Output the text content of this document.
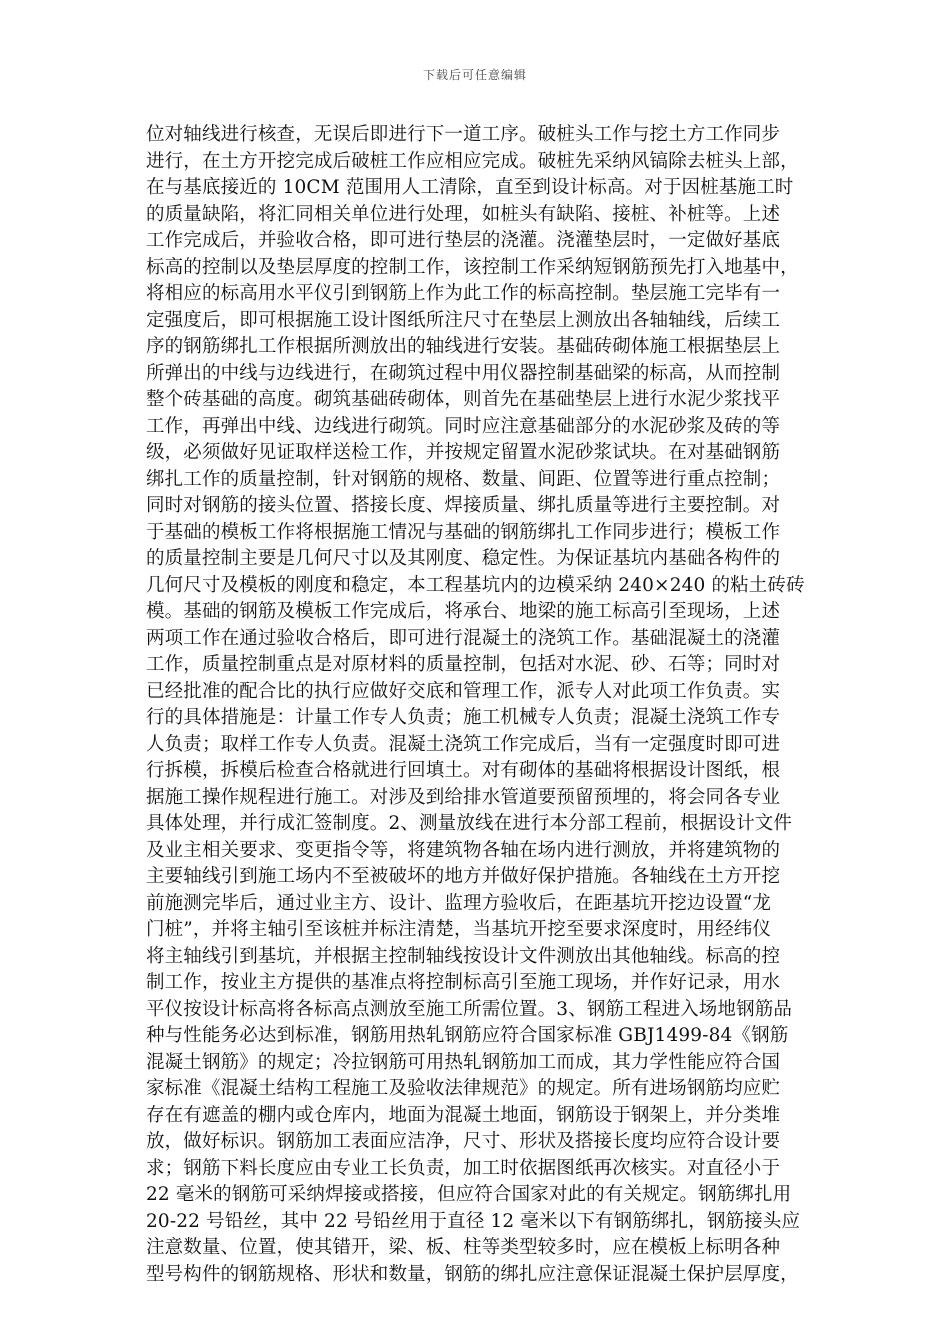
下载后可任意编辑
位对轴线进行核查，无误后即进行下一道工序。破桩头工作与挖土方工作同步
进行，在土方开挖完成后破桩工作应相应完成。破桩先采纳风镐除去桩头上部，
在与基底接近的 10CM 范围用人工清除，直至到设计标高。对于因桩基施工时
的质量缺陷，将汇同相关单位进行处理，如桩头有缺陷、接桩、补桩等。上述
工作完成后，并验收合格，即可进行垫层的浇灌。浇灌垫层时，一定做好基底
标高的控制以及垫层厚度的控制工作，该控制工作采纳短钢筋预先打入地基中，
将相应的标高用水平仪引到钢筋上作为此工作的标高控制。垫层施工完毕有一
定强度后，即可根据施工设计图纸所注尺寸在垫层上测放出各轴轴线，后续工
序的钢筋绑扎工作根据所测放出的轴线进行安装。基础砖砌体施工根据垫层上
所弹出的中线与边线进行，在砌筑过程中用仪器控制基础梁的标高，从而控制
整个砖基础的高度。砌筑基础砖砌体，则首先在基础垫层上进行水泥少浆找平
工作，再弹出中线、边线进行砌筑。同时应注意基础部分的水泥砂浆及砖的等
级，必须做好见证取样送检工作，并按规定留置水泥砂浆试块。在对基础钢筋
绑扎工作的质量控制，针对钢筋的规格、数量、间距、位置等进行重点控制；
同时对钢筋的接头位置、搭接长度、焊接质量、绑扎质量等进行主要控制。对
于基础的模板工作将根据施工情况与基础的钢筋绑扎工作同步进行；模板工作
的质量控制主要是几何尺寸以及其刚度、稳定性。为保证基坑内基础各构件的
几何尺寸及模板的刚度和稳定，本工程基坑内的边模采纳 240×240 的粘土砖砖
模。基础的钢筋及模板工作完成后，将承台、地梁的施工标高引至现场，上述
两项工作在通过验收合格后，即可进行混凝土的浇筑工作。基础混凝土的浇灌
工作，质量控制重点是对原材料的质量控制，包括对水泥、砂、石等；同时对
已经批准的配合比的执行应做好交底和管理工作，派专人对此项工作负责。实
行的具体措施是：计量工作专人负责；施工机械专人负责；混凝土浇筑工作专
人负责；取样工作专人负责。混凝土浇筑工作完成后，当有一定强度时即可进
行拆模，拆模后检查合格就进行回填土。对有砌体的基础将根据设计图纸，根
据施工操作规程进行施工。对涉及到给排水管道要预留预埋的，将会同各专业
具体处理，并行成汇签制度。2、测量放线在进行本分部工程前，根据设计文件
及业主相关要求、变更指令等，将建筑物各轴在场内进行测放，并将建筑物的
主要轴线引到施工场内不至被破坏的地方并做好保护措施。各轴线在土方开挖
前施测完毕后，通过业主方、设计、监理方验收后，在距基坑开挖边设置“龙
门桩”，并将主轴引至该桩并标注清楚，当基坑开挖至要求深度时，用经纬仪
将主轴线引到基坑，并根据主控制轴线按设计文件测放出其他轴线。标高的控
制工作，按业主方提供的基准点将控制标高引至施工现场，并作好记录，用水
平仪按设计标高将各标高点测放至施工所需位置。3、钢筋工程进入场地钢筋品
种与性能务必达到标准，钢筋用热轧钢筋应符合国家标准 GBJ1499-84《钢筋
混凝土钢筋》的规定；冷拉钢筋可用热轧钢筋加工而成，其力学性能应符合国
家标准《混凝土结构工程施工及验收法律规范》的规定。所有进场钢筋均应贮
存在有遮盖的棚内或仓库内，地面为混凝土地面，钢筋设于钢架上，并分类堆
放，做好标识。钢筋加工表面应洁净，尺寸、形状及搭接长度均应符合设计要
求；钢筋下料长度应由专业工长负责，加工时依据图纸再次核实。对直径小于
22 毫米的钢筋可采纳焊接或搭接，但应符合国家对此的有关规定。钢筋绑扎用
20-22 号铅丝，其中 22 号铅丝用于直径 12 毫米以下有钢筋绑扎，钢筋接头应
注意数量、位置，使其错开，梁、板、柱等类型较多时，应在模板上标明各种
型号构件的钢筋规格、形状和数量，钢筋的绑扎应注意保证混凝土保护层厚度，
